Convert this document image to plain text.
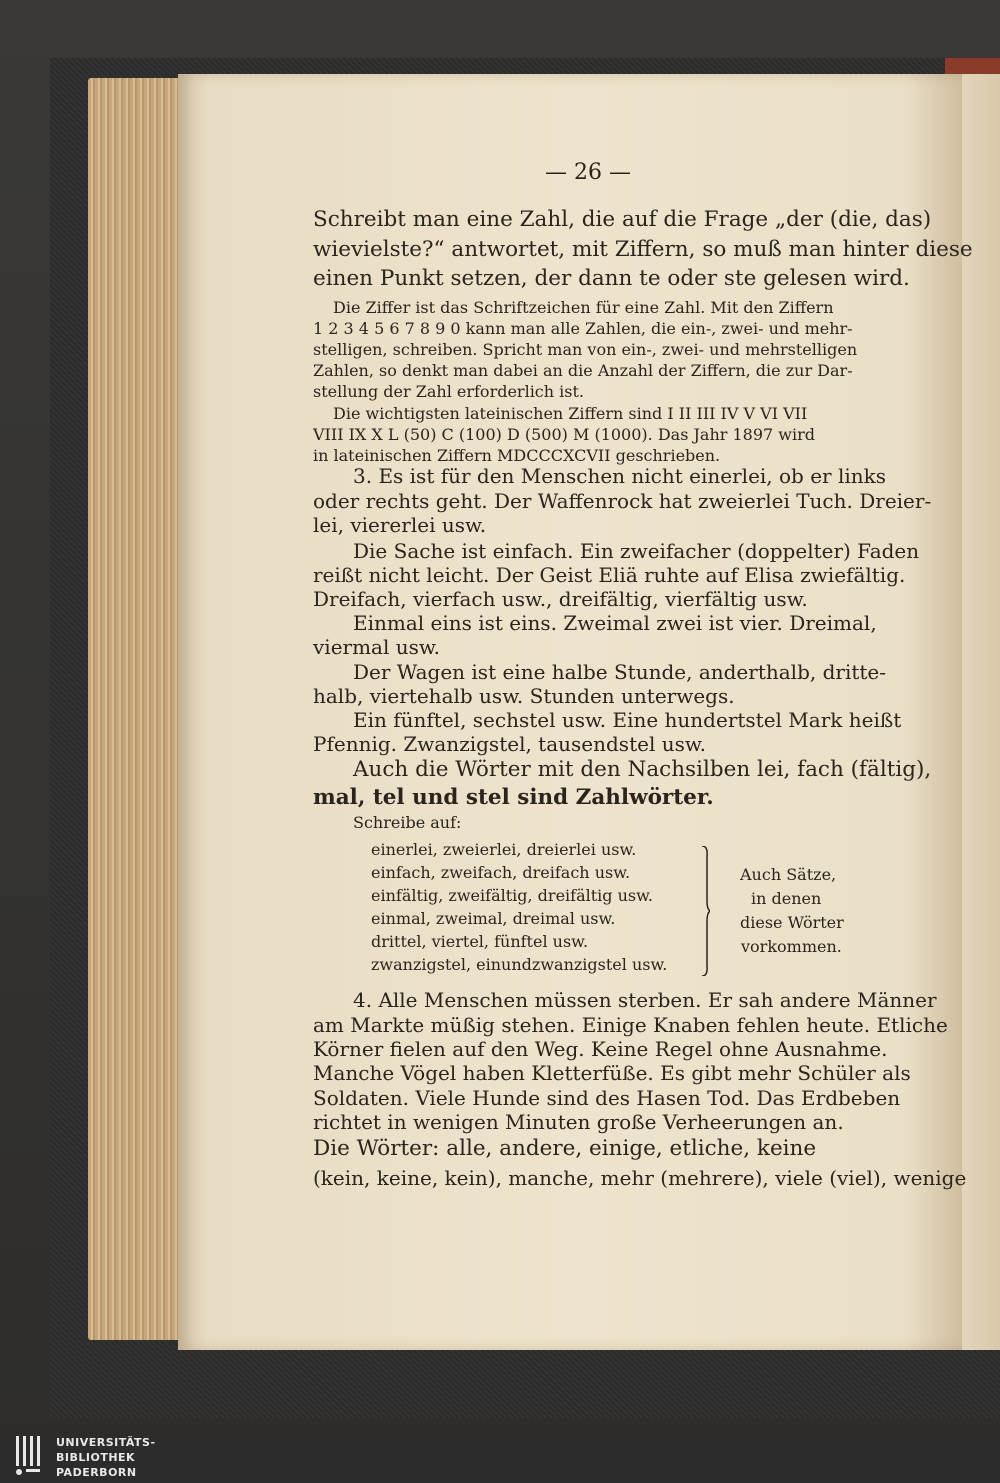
— 26 —
Schreibt man eine Zahl, die auf die Frage „der (die, das)
wievielste?“ antwortet, mit Ziffern, so muß man hinter diese
einen Punkt setzen, der dann te oder ste gelesen wird.
Die Ziffer ist das Schriftzeichen für eine Zahl. Mit den Ziffern
1 2 3 4 5 6 7 8 9 0 kann man alle Zahlen, die ein-, zwei- und mehr-
stelligen, schreiben. Spricht man von ein-, zwei- und mehrstelligen
Zahlen, so denkt man dabei an die Anzahl der Ziffern, die zur Dar-
stellung der Zahl erforderlich ist.
Die wichtigsten lateinischen Ziffern sind I II III IV V VI VII
VIII IX X L (50) C (100) D (500) M (1000). Das Jahr 1897 wird
in lateinischen Ziffern MDCCCXCVII geschrieben.
3. Es ist für den Menschen nicht einerlei, ob er links
oder rechts geht. Der Waffenrock hat zweierlei Tuch. Dreier-
lei, viererlei usw.
Die Sache ist einfach. Ein zweifacher (doppelter) Faden
reißt nicht leicht. Der Geist Eliä ruhte auf Elisa zwiefältig.
Dreifach, vierfach usw., dreifältig, vierfältig usw.
Einmal eins ist eins. Zweimal zwei ist vier. Dreimal,
viermal usw.
Der Wagen ist eine halbe Stunde, anderthalb, dritte-
halb, viertehalb usw. Stunden unterwegs.
Ein fünftel, sechstel usw. Eine hundertstel Mark heißt
Pfennig. Zwanzigstel, tausendstel usw.
Auch die Wörter mit den Nachsilben lei, fach (fältig),
mal, tel und stel sind Zahlwörter.
Schreibe auf:
einerlei, zweierlei, dreierlei usw.
einfach, zweifach, dreifach usw.
einfältig, zweifältig, dreifältig usw.
einmal, zweimal, dreimal usw.
drittel, viertel, fünftel usw.
zwanzigstel, einundzwanzigstel usw.
Auch Sätze,
in denen
diese Wörter
vorkommen.
4. Alle Menschen müssen sterben. Er sah andere Männer
am Markte müßig stehen. Einige Knaben fehlen heute. Etliche
Körner fielen auf den Weg. Keine Regel ohne Ausnahme.
Manche Vögel haben Kletterfüße. Es gibt mehr Schüler als
Soldaten. Viele Hunde sind des Hasen Tod. Das Erdbeben
richtet in wenigen Minuten große Verheerungen an.
Die Wörter: alle, andere, einige, etliche, keine
(kein, keine, kein), manche, mehr (mehrere), viele (viel), wenige
UNIVERSITÄTS-
BIBLIOTHEK
PADERBORN
